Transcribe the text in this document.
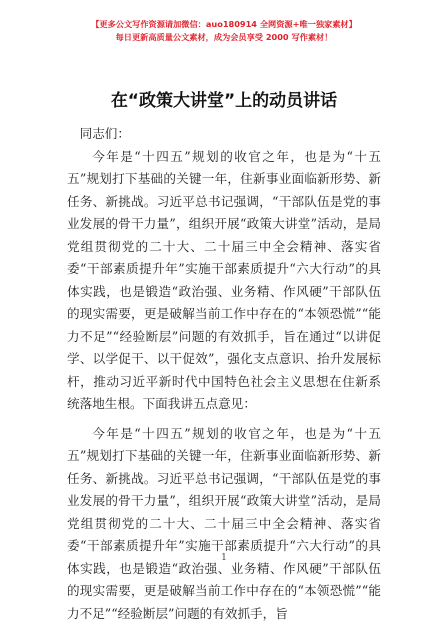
【更多公文写作资源请加微信：auo180914 全网资源+唯一独家素材】
每日更新高质量公文素材，成为会员享受 2000 写作素材！
在“政策大讲堂”上的动员讲话

同志们：

今年是“十四五”规划的收官之年，也是为“十五五”规划打下基础的关键一年，住新事业面临新形势、新任务、新挑战。习近平总书记强调，“干部队伍是党的事业发展的骨干力量”，组织开展“政策大讲堂”活动，是局党组贯彻党的二十大、二十届三中全会精神、落实省委“干部素质提升年”实施干部素质提升“六大行动”的具体实践，也是锻造“政治强、业务精、作风硬”干部队伍的现实需要，更是破解当前工作中存在的“本领恐慌”“能力不足”“经验断层”问题的有效抓手，旨在通过“以讲促学、以学促干、以干促效”，强化支点意识、抬升发展标杆，推动习近平新时代中国特色社会主义思想在住新系统落地生根。下面我讲五点意见：

今年是“十四五”规划的收官之年，也是为“十五五”规划打下基础的关键一年，住新事业面临新形势、新任务、新挑战。习近平总书记强调，“干部队伍是党的事业发展的骨干力量”，组织开展“政策大讲堂”活动，是局党组贯彻党的二十大、二十届三中全会精神、落实省委“干部素质提升年”实施干部素质提升“六大行动”的具体实践，也是锻造“政治强、业务精、作风硬”干部队伍的现实需要，更是破解当前工作中存在的“本领恐慌”“能力不足”“经验断层”问题的有效抓手，旨

1
